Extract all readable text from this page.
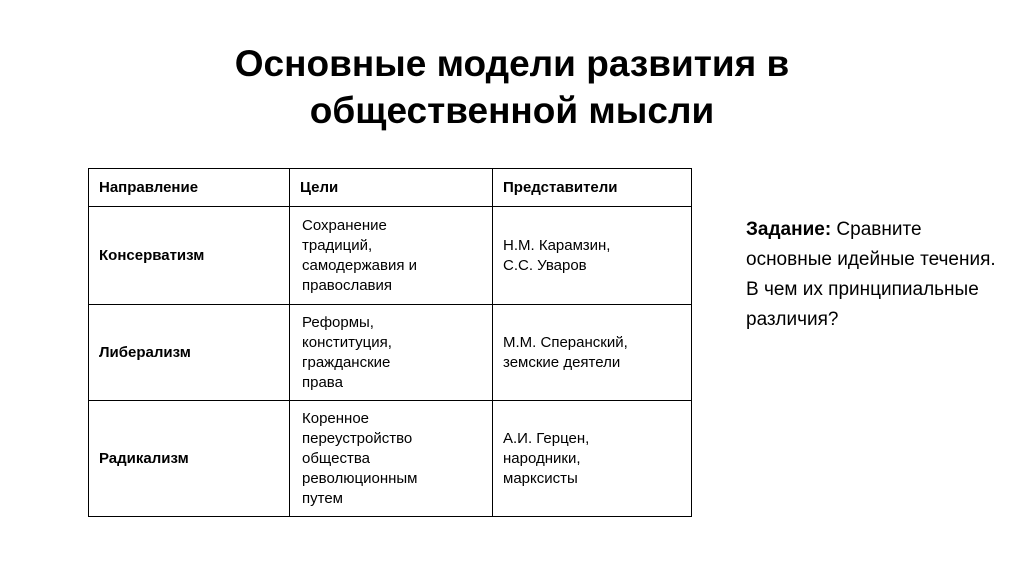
Основные модели развития в
общественной мысли
Направление	Цели	Представители
Консерватизм	Сохранение
традиций,
самодержавия и
православия	Н.М. Карамзин,
С.С. Уваров
Либерализм	Реформы,
конституция,
гражданские
права	М.М. Сперанский,
земские деятели
Радикализм	Коренное
переустройство
общества
революционным
путем	А.И. Герцен,
народники,
марксисты

Задание: Сравните основные идейные течения. В чем их принципиальные различия?
